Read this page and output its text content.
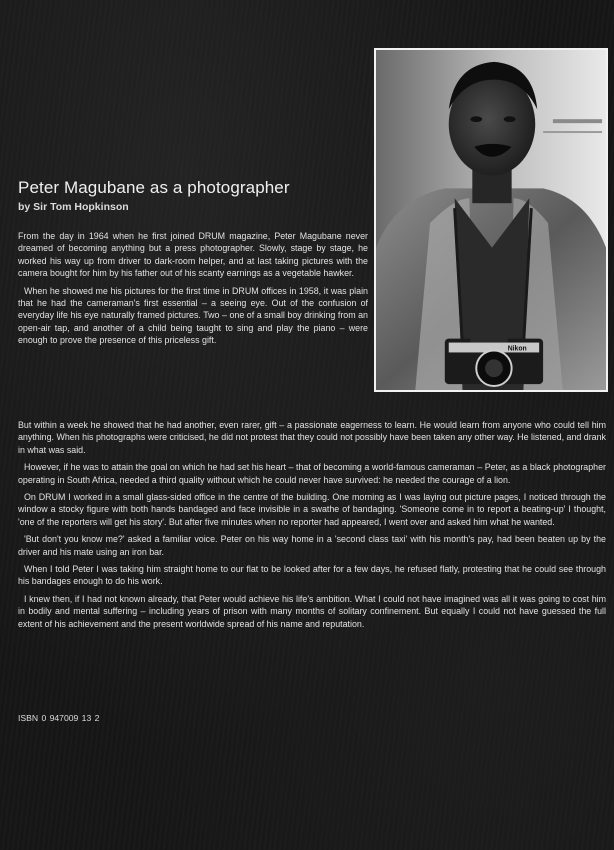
Nikon
Peter Magubane as a photographer

by Sir Tom Hopkinson

From the day in 1964 when he first joined DRUM magazine, Peter Magubane never dreamed of becoming anything but a press photographer. Slowly, stage by stage, he worked his way up from driver to dark-room helper, and at last taking pictures with the camera bought for him by his father out of his scanty earnings as a vegetable hawker.

When he showed me his pictures for the first time in DRUM offices in 1958, it was plain that he had the cameraman's first essential – a seeing eye. Out of the confusion of everyday life his eye naturally framed pictures. Two – one of a small boy drinking from an open-air tap, and another of a child being taught to sing and play the piano – were enough to prove the presence of this priceless gift.

But within a week he showed that he had another, even rarer, gift – a passionate eagerness to learn. He would learn from anyone who could tell him anything. When his photographs were criticised, he did not protest that they could not possibly have been taken any other way. He listened, and drank in what was said.

However, if he was to attain the goal on which he had set his heart – that of becoming a world-famous cameraman – Peter, as a black photographer operating in South Africa, needed a third quality without which he could never have survived: he needed the courage of a lion.

On DRUM I worked in a small glass-sided office in the centre of the building. One morning as I was laying out picture pages, I noticed through the window a stocky figure with both hands bandaged and face invisible in a swathe of bandaging. 'Someone come in to report a beating-up' I thought, 'one of the reporters will get his story'. But after five minutes when no reporter had appeared, I went over and asked him what he wanted.

'But don't you know me?' asked a familiar voice. Peter on his way home in a 'second class taxi' with his month's pay, had been beaten up by the driver and his mate using an iron bar.

When I told Peter I was taking him straight home to our flat to be looked after for a few days, he refused flatly, protesting that he could see through his bandages enough to do his work.

I knew then, if I had not known already, that Peter would achieve his life's ambition. What I could not have imagined was all it was going to cost him in bodily and mental suffering – including years of prison with many months of solitary confinement. But equally I could not have guessed the full extent of his achievement and the present worldwide spread of his name and reputation.

ISBN 0 947009 13 2
